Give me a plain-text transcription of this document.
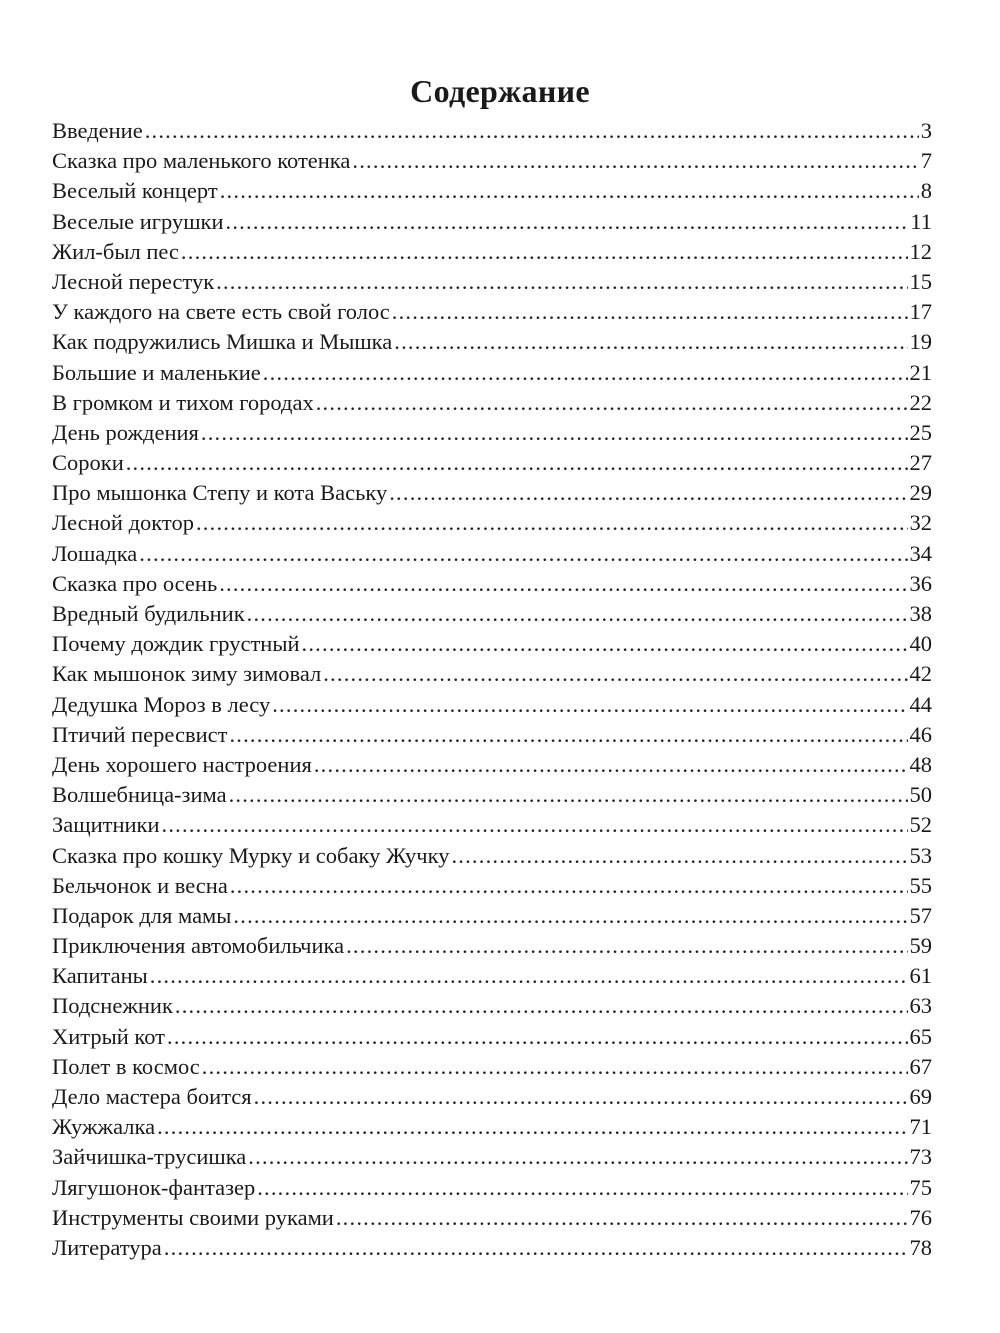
Содержание
Введение .....	3
Сказка про маленького котенка .....	7
Веселый концерт .....	8
Веселые игрушки .....	11
Жил-был пес .....	12
Лесной перестук .....	15
У каждого на свете есть свой голос .....	17
Как подружились Мишка и Мышка .....	19
Большие и маленькие .....	21
В громком и тихом городах .....	22
День рождения .....	25
Сороки .....	27
Про мышонка Степу и кота Ваську .....	29
Лесной доктор .....	32
Лошадка .....	34
Сказка про осень .....	36
Вредный будильник .....	38
Почему дождик грустный .....	40
Как мышонок зиму зимовал .....	42
Дедушка Мороз в лесу .....	44
Птичий пересвист .....	46
День хорошего настроения .....	48
Волшебница-зима .....	50
Защитники .....	52
Сказка про кошку Мурку и собаку Жучку .....	53
Бельчонок и весна .....	55
Подарок для мамы .....	57
Приключения автомобильчика .....	59
Капитаны .....	61
Подснежник .....	63
Хитрый кот .....	65
Полет в космос .....	67
Дело мастера боится .....	69
Жужжалка .....	71
Зайчишка-трусишка .....	73
Лягушонок-фантазер .....	75
Инструменты своими руками .....	76
Литература .....	78
